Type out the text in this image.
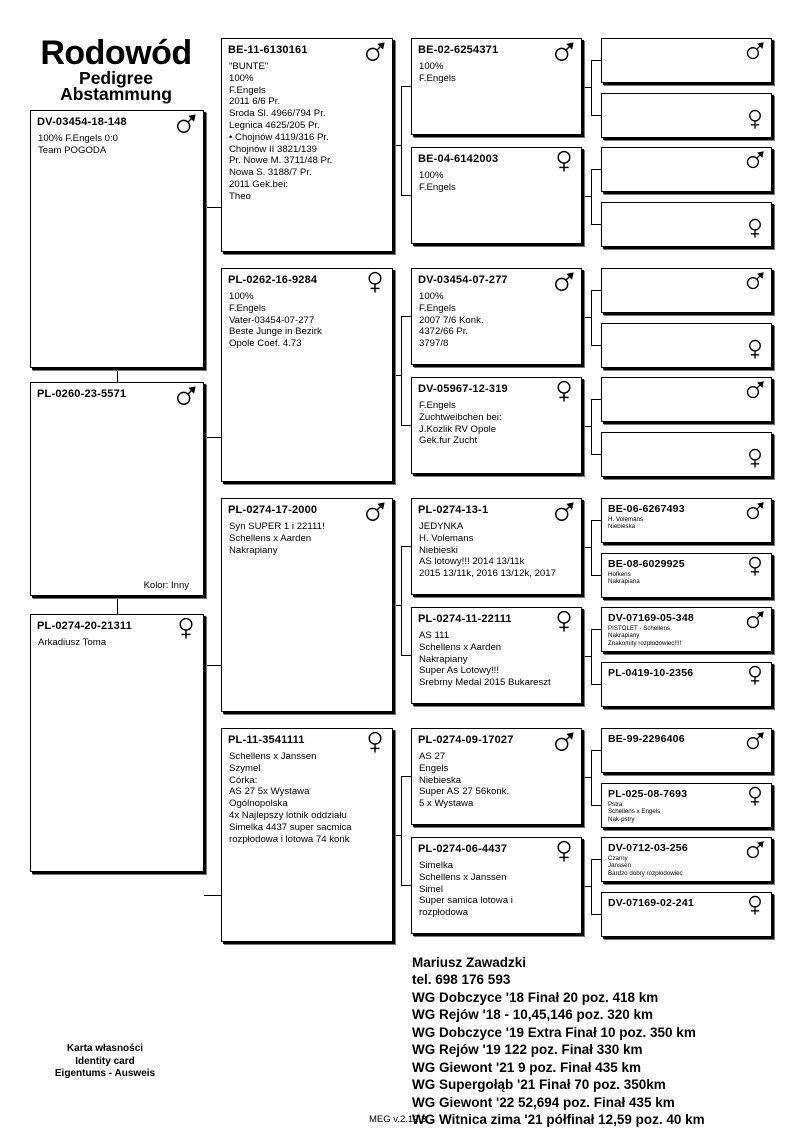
Rodowód
Pedigree
Abstammung
DV-03454-18-148
100% F.Engels 0:0
Team POGODA
PL-0260-23-5571
Kolor: Inny
PL-0274-20-21311
Arkadiusz Toma
BE-11-6130161
"BUNTE"
100%
F.Engels
2011 6/6 Pr.
Sroda Sl. 4966/794 Pr.
Legnica 4625/205 Pr.
• Chojnów 4119/316 Pr.
Chojnów II 3821/139
Pr. Nowe M. 3711/48 Pr.
Nowa S. 3188/7 Pr.
2011 Gek.bei:
Theo
PL-0262-16-9284
100%
F.Engels
Vater-03454-07-277
Beste Junge in Bezirk
Opole Coef. 4.73
PL-0274-17-2000
Syn SUPER 1 i 22111!
Schellens x Aarden
Nakrapiany
PL-11-3541111
Schellens x Janssen
Szymel
Córka:
AS 27 5x Wystawa Ogólnopolska
4x Najlepszy lotnik oddziału
Simelka 4437 super sacmica
rozpłodowa i lotowa 74 konk
BE-02-6254371
100%
F.Engels
BE-04-6142003
100%
F.Engels
DV-03454-07-277
100%
F.Engels
2007 7/6 Konk.
4372/66 Pr.
3797/8
DV-05967-12-319
F.Engels
Zuchtweibchen bei:
J.Kozlik RV Opole
Gek.fur Zucht
PL-0274-13-1
JEDYNKA
H. Volemans
Niebieski
AS lotowy!!! 2014 13/11k
2015 13/11k, 2016 13/12k, 2017
PL-0274-11-22111
AS 111
Schellens x Aarden
Nakrapiany
Super As Lotowy!!!
Srebrny Medal 2015 Bukareszt
PL-0274-09-17027
AS 27
Engels
Niebieska
Super AS 27 56konk.
5 x Wystawa
PL-0274-06-4437
Simelka
Schellens x Janssen
Simel
Super samica lotowa i
rozpłodowa
BE-06-6267493
H. Volemans
Niebieska
BE-08-6029925
Hofkens
Nakrapiana
DV-07169-05-348
PISTOLET - Schellens
Nakrapiany
Znakomity rozpłodowiec!!!!
PL-0419-10-2356
BE-99-2296406
PL-025-08-7693
Pstra
Schellens x Engels
Nak-pstry
DV-0712-03-256
Czarny
Janssen
Bardzo dobry rozpłodowiec
DV-07169-02-241
Mariusz Zawadzki
tel. 698 176 593
WG Dobczyce '18 Finał 20 poz. 418 km
WG Rejów '18 - 10,45,146 poz. 320 km
WG Dobczyce '19 Extra Finał 10 poz. 350 km
WG Rejów '19 122 poz. Finał 330 km
WG Giewont '21 9 poz. Finał 435 km
WG Supergołąb '21 Finał 70 poz. 350km
WG Giewont '22 52,694 poz. Finał 435 km
WG Witnica zima '21 półfinał 12,59 poz. 40 km
Karta własności
Identity card
Eigentums - Ausweis
MEG v.2.12.3
